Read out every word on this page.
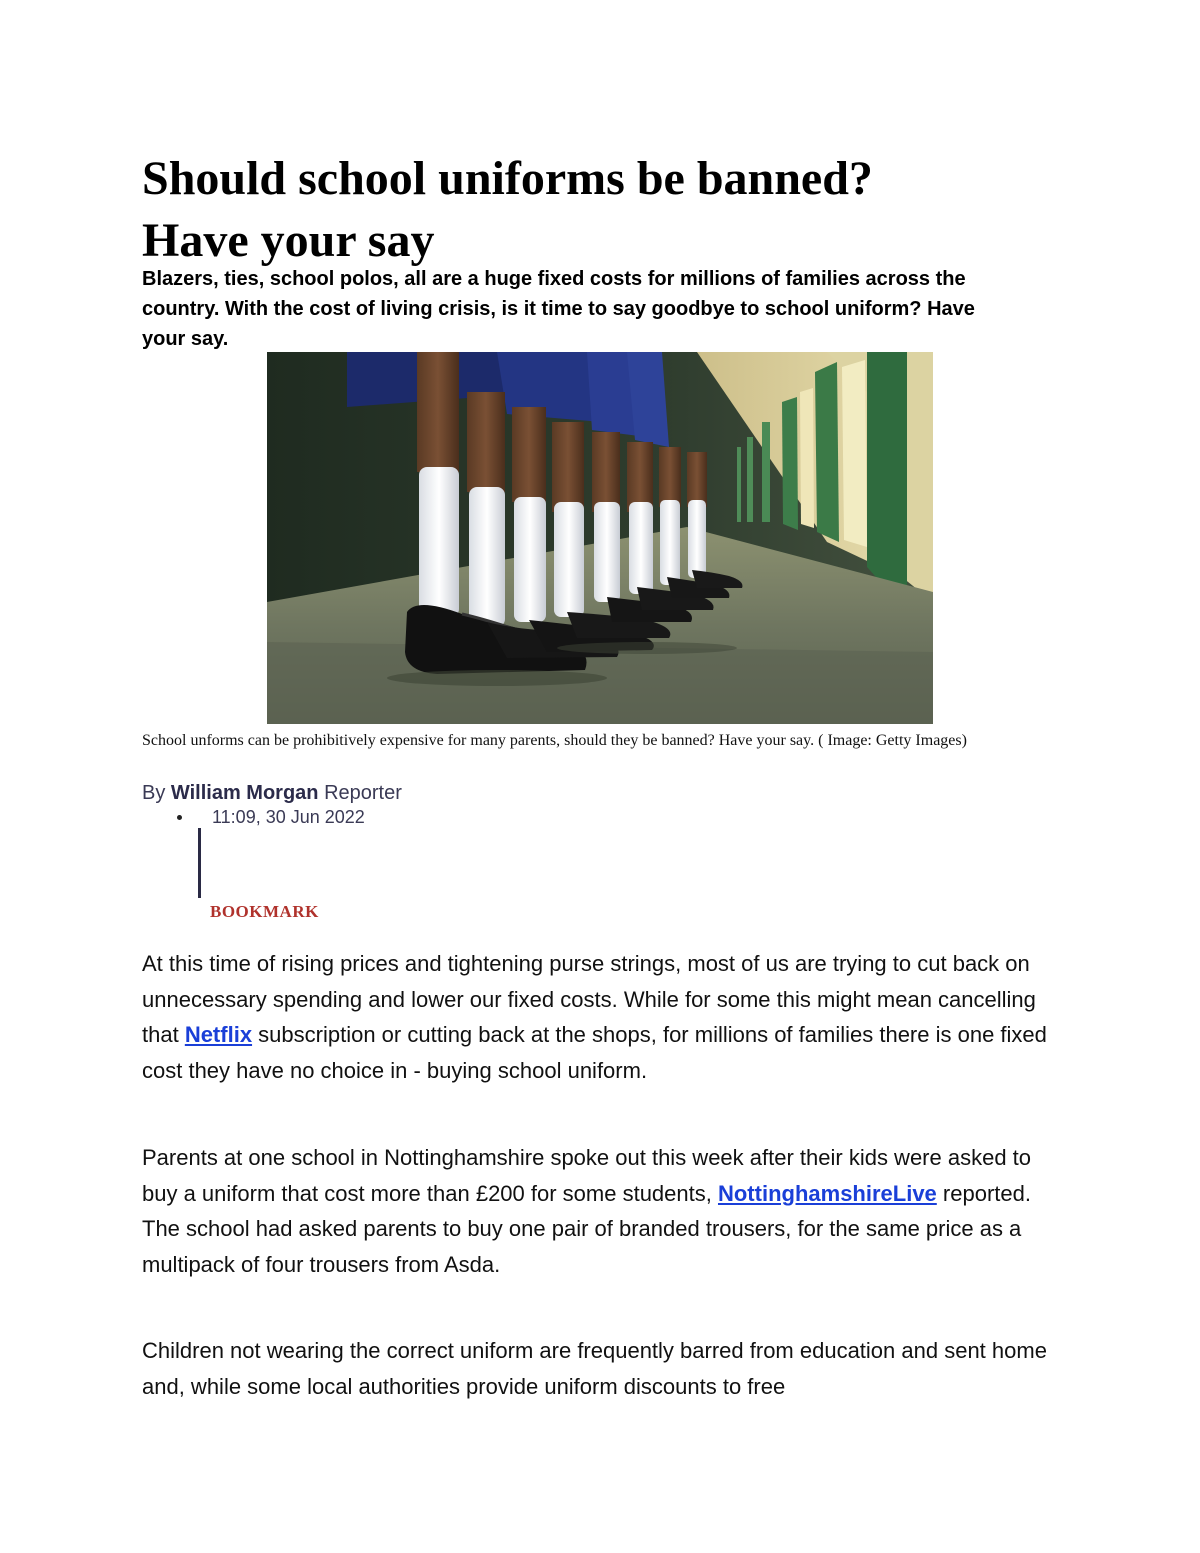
Should school uniforms be banned?
Have your say

Blazers, ties, school polos, all are a huge fixed costs for millions of families across the country. With the cost of living crisis, is it time to say goodbye to school uniform? Have your say.

School unforms can be prohibitively expensive for many parents, should they be banned? Have your say. ( Image: Getty Images)

By William Morgan Reporter

11:09, 30 Jun 2022

BOOKMARK

At this time of rising prices and tightening purse strings, most of us are trying to cut back on unnecessary spending and lower our fixed costs. While for some this might mean cancelling that Netflix subscription or cutting back at the shops, for millions of families there is one fixed cost they have no choice in - buying school uniform.

Parents at one school in Nottinghamshire spoke out this week after their kids were asked to buy a uniform that cost more than £200 for some students, NottinghamshireLive reported. The school had asked parents to buy one pair of branded trousers, for the same price as a multipack of four trousers from Asda.

Children not wearing the correct uniform are frequently barred from education and sent home and, while some local authorities provide uniform discounts to free
